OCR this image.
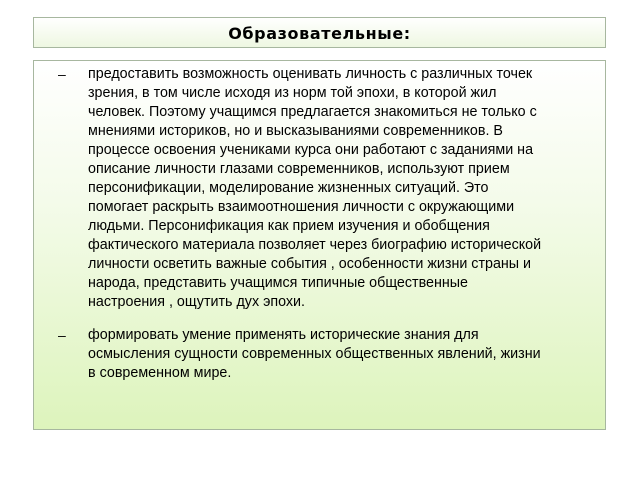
Образовательные:
– предоставить возможность оценивать личность с различных точек
зрения, в том числе исходя из норм той эпохи, в которой жил
человек. Поэтому учащимся предлагается знакомиться не только с
мнениями историков, но и высказываниями современников. В
процессе освоения учениками курса они работают с заданиями на
описание личности глазами современников, используют прием
персонификации, моделирование жизненных ситуаций. Это
помогает раскрыть взаимоотношения личности с окружающими
людьми. Персонификация как прием изучения и обобщения
фактического материала позволяет через биографию исторической
личности осветить важные события , особенности жизни страны и
народа, представить учащимся типичные общественные
настроения , ощутить дух эпохи.

– формировать умение применять исторические знания для
осмысления сущности современных общественных явлений, жизни
в современном мире.
